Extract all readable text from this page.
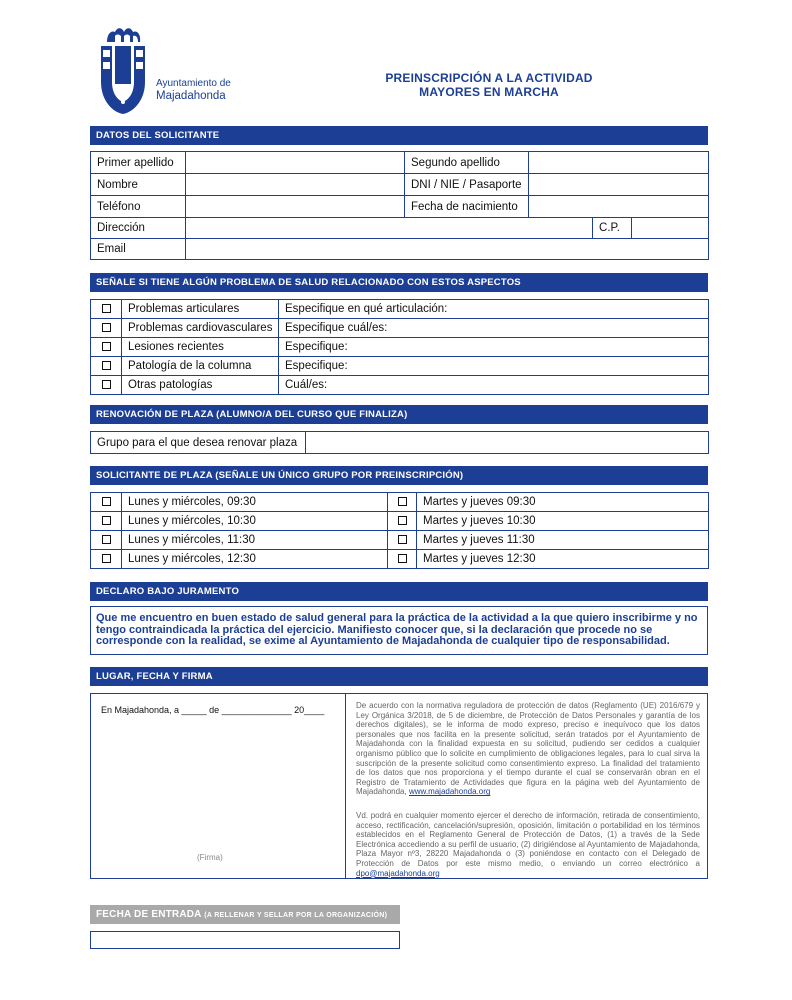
Ayuntamiento de
Majadahonda
PREINSCRIPCIÓN A LA ACTIVIDAD
MAYORES EN MARCHA
DATOS DEL SOLICITANTE
Primer apellido		Segundo apellido			
Nombre		DNI / NIE / Pasaporte			
Teléfono		Fecha de nacimiento			
Dirección				C.P.	
Email					
SEÑALE SI TIENE ALGÚN PROBLEMA DE SALUD RELACIONADO CON ESTOS ASPECTOS
	Problemas articulares	Especifique en qué articulación:
	Problemas cardiovasculares	Especifique cuál/es:
	Lesiones recientes	Especifique:
	Patología de la columna	Especifique:
	Otras patologías	Cuál/es:
RENOVACIÓN DE PLAZA (ALUMNO/A DEL CURSO QUE FINALIZA)
Grupo para el que desea renovar plaza	
SOLICITANTE DE PLAZA (SEÑALE UN ÚNICO GRUPO POR PREINSCRIPCIÓN)
	Lunes y miércoles, 09:30		Martes y jueves 09:30
	Lunes y miércoles, 10:30		Martes y jueves 10:30
	Lunes y miércoles, 11:30		Martes y jueves 11:30
	Lunes y miércoles, 12:30		Martes y jueves 12:30
DECLARO BAJO JURAMENTO
Que me encuentro en buen estado de salud general para la práctica de la actividad a la que quiero inscribirme y no tengo contraindicada la práctica del ejercicio. Manifiesto conocer que, si la declaración que procede no se corresponde con la realidad, se exime al Ayuntamiento de Majadahonda de cualquier tipo de responsabilidad.
LUGAR, FECHA Y FIRMA
En Majadahonda, a _____ de ______________ 20____
(Firma)
De acuerdo con la normativa reguladora de protección de datos (Reglamento (UE) 2016/679 y Ley Orgánica 3/2018, de 5 de diciembre, de Protección de Datos Personales y garantía de los derechos digitales), se le informa de modo expreso, preciso e inequívoco que los datos personales que nos facilita en la presente solicitud, serán tratados por el Ayuntamiento de Majadahonda con la finalidad expuesta en su solicitud, pudiendo ser cedidos a cualquier organismo público que lo solicite en cumplimiento de obligaciones legales, para lo cual sirva la suscripción de la presente solicitud como consentimiento expreso. La finalidad del tratamiento de los datos que nos proporciona y el tiempo durante el cual se conservarán obran en el Registro de Tratamiento de Actividades que figura en la página web del Ayuntamiento de Majadahonda, www.majadahonda.org
Vd. podrá en cualquier momento ejercer el derecho de información, retirada de consentimiento, acceso, rectificación, cancelación/supresión, oposición, limitación o portabilidad en los términos establecidos en el Reglamento General de Protección de Datos, (1) a través de la Sede Electrónica accediendo a su perfil de usuario, (2) dirigiéndose al Ayuntamiento de Majadahonda, Plaza Mayor nº3, 28220 Majadahonda o (3) poniéndose en contacto con el Delegado de Protección de Datos por este mismo medio, o enviando un correo electrónico a dpo@majadahonda.org
FECHA DE ENTRADA (A RELLENAR Y SELLAR POR LA ORGANIZACIÓN)
